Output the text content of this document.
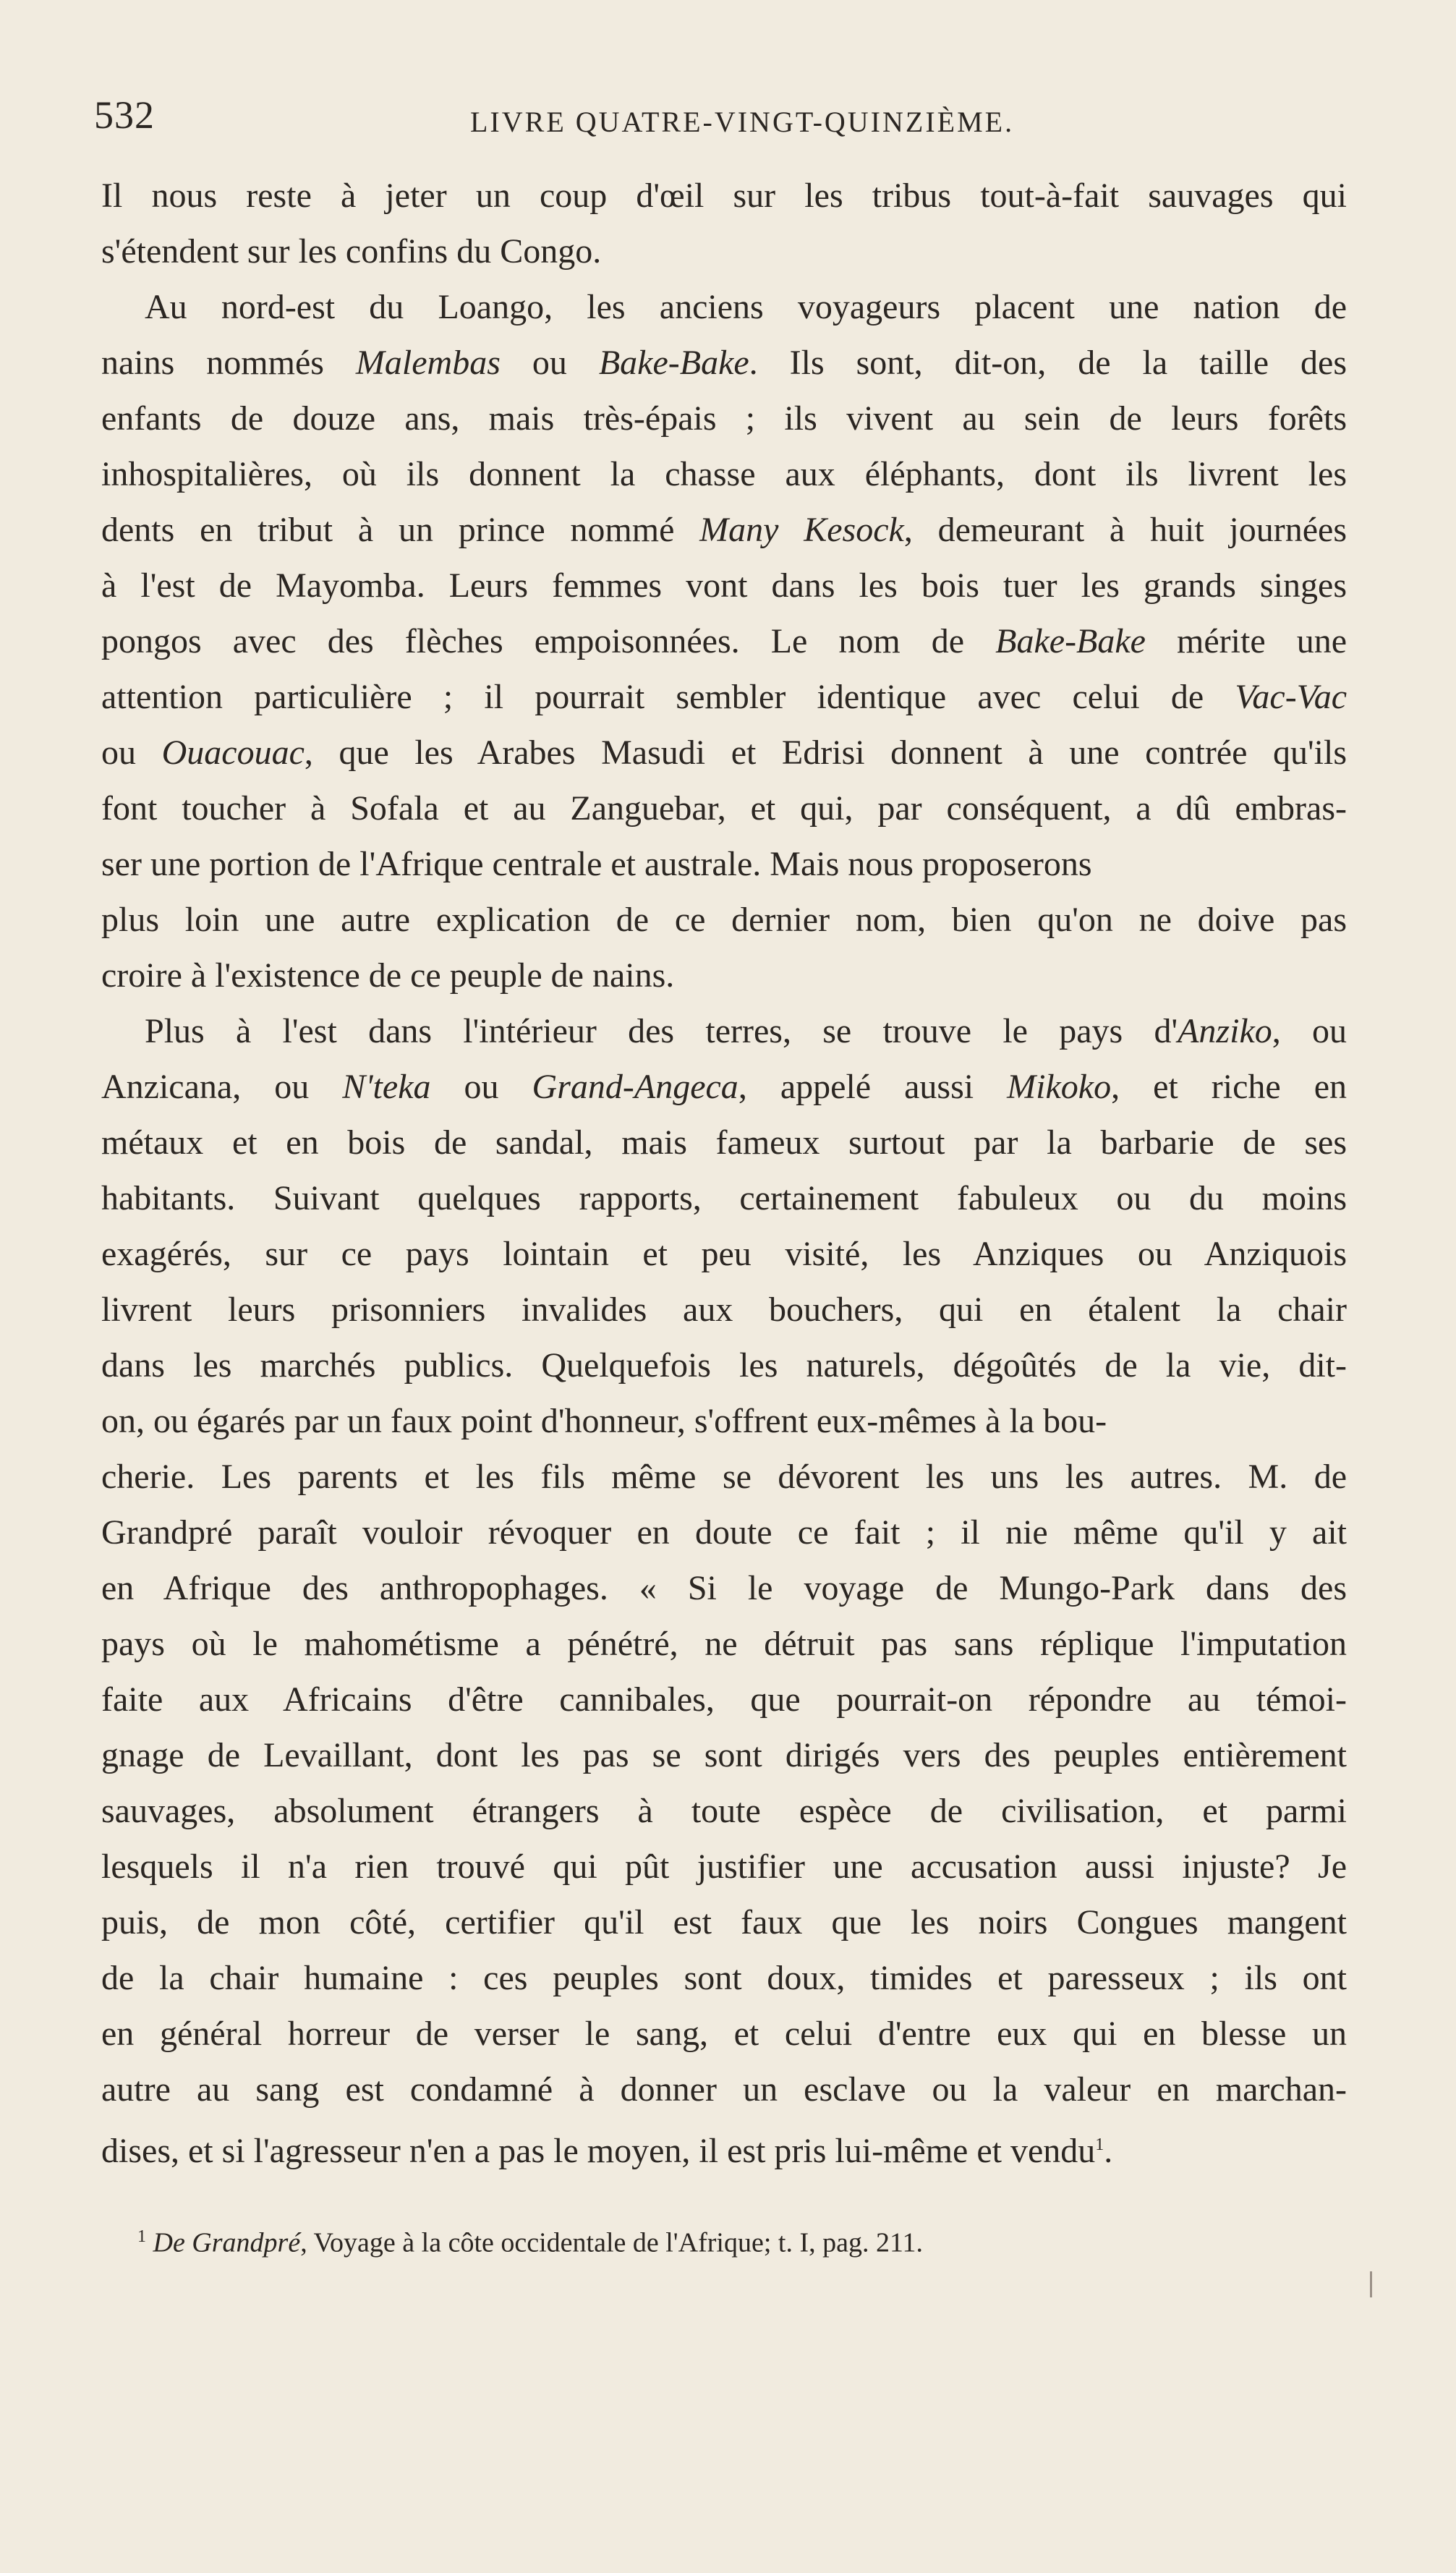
532	LIVRE QUATRE-VINGT-QUINZIÈME.
Il nous reste à jeter un coup d'œil sur les tribus tout-à-fait sauvages qui
s'étendent sur les confins du Congo.
Au nord-est du Loango, les anciens voyageurs placent une nation de
nains nommés Malembas ou Bake-Bake. Ils sont, dit-on, de la taille des
enfants de douze ans, mais très-épais ; ils vivent au sein de leurs forêts
inhospitalières, où ils donnent la chasse aux éléphants, dont ils livrent les
dents en tribut à un prince nommé Many Kesock, demeurant à huit journées
à l'est de Mayomba. Leurs femmes vont dans les bois tuer les grands singes
pongos avec des flèches empoisonnées. Le nom de Bake-Bake mérite une
attention particulière ; il pourrait sembler identique avec celui de Vac-Vac
ou Ouacouac, que les Arabes Masudi et Edrisi donnent à une contrée qu'ils
font toucher à Sofala et au Zanguebar, et qui, par conséquent, a dû embras-
ser une portion de l'Afrique centrale et australe. Mais nous proposerons
plus loin une autre explication de ce dernier nom, bien qu'on ne doive pas
croire à l'existence de ce peuple de nains.
Plus à l'est dans l'intérieur des terres, se trouve le pays d'Anziko, ou
Anzicana, ou N'teka ou Grand-Angeca, appelé aussi Mikoko, et riche en
métaux et en bois de sandal, mais fameux surtout par la barbarie de ses
habitants. Suivant quelques rapports, certainement fabuleux ou du moins
exagérés, sur ce pays lointain et peu visité, les Anziques ou Anziquois
livrent leurs prisonniers invalides aux bouchers, qui en étalent la chair
dans les marchés publics. Quelquefois les naturels, dégoûtés de la vie, dit-
on, ou égarés par un faux point d'honneur, s'offrent eux-mêmes à la bou-
cherie. Les parents et les fils même se dévorent les uns les autres. M. de
Grandpré paraît vouloir révoquer en doute ce fait ; il nie même qu'il y ait
en Afrique des anthropophages. « Si le voyage de Mungo-Park dans des
pays où le mahométisme a pénétré, ne détruit pas sans réplique l'imputation
faite aux Africains d'être cannibales, que pourrait-on répondre au témoi-
gnage de Levaillant, dont les pas se sont dirigés vers des peuples entièrement
sauvages, absolument étrangers à toute espèce de civilisation, et parmi
lesquels il n'a rien trouvé qui pût justifier une accusation aussi injuste? Je
puis, de mon côté, certifier qu'il est faux que les noirs Congues mangent
de la chair humaine : ces peuples sont doux, timides et paresseux ; ils ont
en général horreur de verser le sang, et celui d'entre eux qui en blesse un
autre au sang est condamné à donner un esclave ou la valeur en marchan-
dises, et si l'agresseur n'en a pas le moyen, il est pris lui-même et vendu$^1$.
$^1$ De Grandpré, Voyage à la côte occidentale de l'Afrique; t. I, pag. 211.
